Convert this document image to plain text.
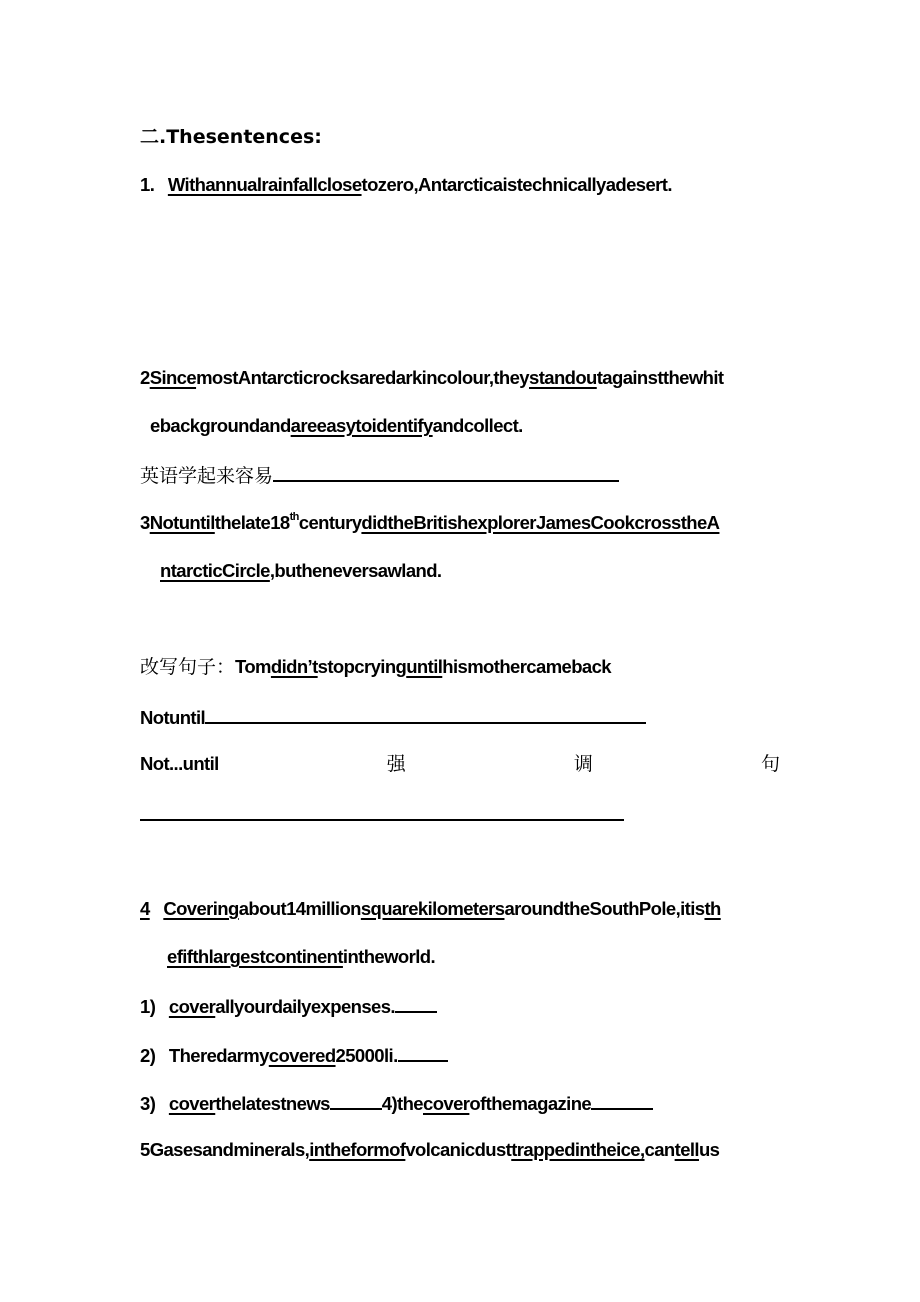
二.Thesentences:
1. Withannualrainfallclosetozero,Antarcticaistechnicallyadesert.
2SincemostAntarcticrocksaredarkincolour,theystandoutagainstthewhit
ebackgroundandareeasytoidentifyandcollect.
英语学起来容易
3Notuntilthelate18thcenturydidtheBritishexplorerJamesCookcrosstheA
ntarcticCircle,butheneversawland.
改写句子：Tomdidn’tstopcryinguntilhismothercameback
Notuntil
Not...until	强	调	句
4 Coveringabout14millionsquarekilometersaroundtheSouthPole,itisth
efifthlargestcontinentintheworld.
1) coverallyourdailyexpenses.
2) Theredarmycovered25000li.
3) coverthelatestnews	4)thecoverofthemagazine
5Gasesandminerals,intheformofvolcanicdusttrappedintheice,cantellus
